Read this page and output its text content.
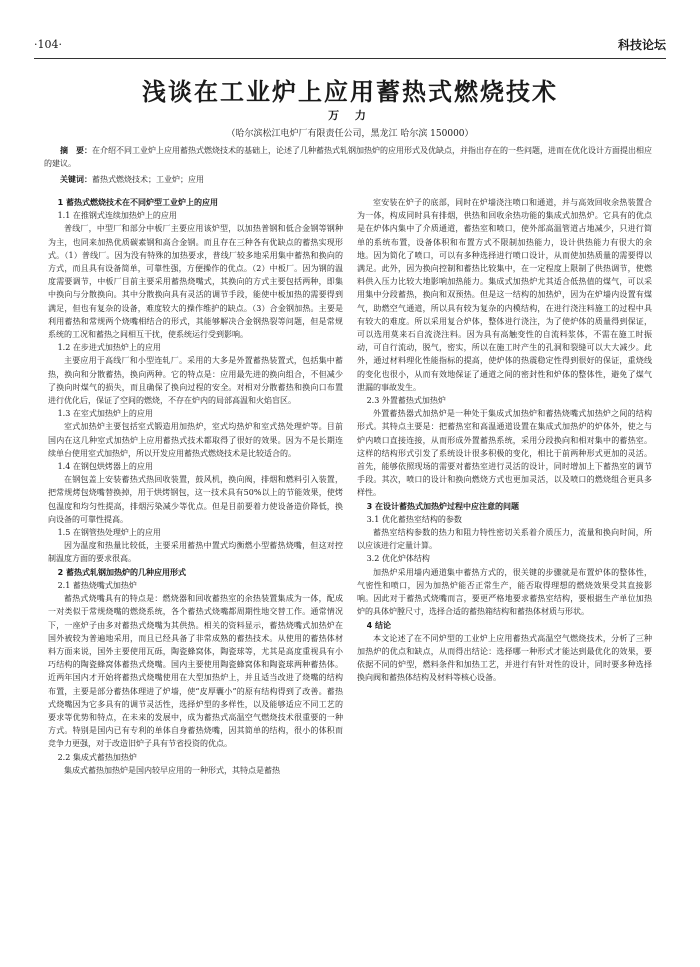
·104·	科技论坛
浅谈在工业炉上应用蓄热式燃烧技术
万 力
（哈尔滨松江电炉厂有限责任公司，黑龙江 哈尔滨 150000）
摘　要：在介绍不同工业炉上应用蓄热式燃烧技术的基础上，论述了几种蓄热式轧钢加热炉的应用形式及优缺点，并指出存在的一些问题，进而在优化设计方面提出相应的建议。
关键词：蓄热式燃烧技术；工业炉；应用
1 蓄热式燃烧技术在不同炉型工业炉上的应用
1.1 在推钢式连续加热炉上的应用
普线厂，中型厂和部分中板厂主要应用该炉型，以加热普钢和低合金钢等钢种为主，也同来加热优质碳素钢和高合金钢。而且存在三种各有优缺点的蓄热实现形式。（1）普线厂。因为没有特殊的加热要求，普线厂较多地采用集中蓄热和换向的方式，而且具有设备简单，可靠性强，方便操作的优点。（2）中板厂。因为钢的温度需要调节，中板厂目前主要采用蓄热烧嘴式，其换向的方式主要包括两种，即集中换向与分散换向。其中分散换向具有灵活的调节手段，能使中板加热的需要得到满足，但也有复杂的设备，难度较大的操作维护的缺点。（3）合金钢加热。主要是利用蓄热和常规两个烧嘴相结合的形式，其能够解决合金钢热裂等问题，但是常规系统的工况和蓄热之间相互干扰，使系统运行受到影响。
1.2 在步进式加热炉上的应用
主要应用于高线厂和小型连轧厂。采用的大多是外置蓄热装置式，包括集中蓄热，换向和分散蓄热，换向两种。它的特点是：应用最先进的换向组合，不但减少了换向时煤气的损失，而且确保了换向过程的安全。对相对分散蓄热和换向口布置进行优化后，保证了空间的燃烧，不存在炉内的局部高温和火焰盲区。
1.3 在室式加热炉上的应用
室式加热炉主要包括室式锻造用加热炉，室式均热炉和室式热处理炉等。目前国内在这几种室式加热炉上应用蓄热式技术都取得了很好的效果。因为不是长期连续单台使用室式加热炉，所以开发应用蓄热式燃烧技术是比较适合的。
1.4 在钢包烘烤器上的应用
在钢包盖上安装蓄热式热回收装置，鼓风机，换向阀，排烟和燃料引入装置，把常规烤包烧嘴替换掉，用于烘烤钢包，这一技术具有50%以上的节能效果，使烤包温度和均匀性提高，排烟污染减少等优点。但是目前要着力使设备造价降低，换向设备的可靠性提高。
1.5 在钢管热处理炉上的应用
因为温度和热量比较低，主要采用蓄热中置式均衡燃小型蓄热烧嘴，但这对控制温度方面的要求很高。
2 蓄热式轧钢加热炉的几种应用形式
2.1 蓄热烧嘴式加热炉
蓄热式烧嘴具有的特点是：燃烧器和回收蓄热室的余热装置集成为一体，配成一对类似于常规烧嘴的燃烧系统，各个蓄热式烧嘴都周期性地交替工作。通常情况下，一座炉子由多对蓄热式烧嘴为其供热。相关的资料显示，蓄热烧嘴式加热炉在国外被较为普遍地采用，而且已经具备了非常成熟的蓄热技术。从使用的蓄热体材料方面来说，国外主要使用瓦砾，陶瓷蜂窝体，陶瓷球等，尤其是高度重视具有小巧结构的陶瓷蜂窝体蓄热式烧嘴。国内主要使用陶瓷蜂窝体和陶瓷球两种蓄热体。近两年国内才开始将蓄热式烧嘴使用在大型加热炉上，并且适当改进了烧嘴的结构布置，主要是部分蓄热体理进了炉墙，使“皮厚囊小”的原有结构得到了改善。蓄热式烧嘴因为它多具有的调节灵活性，选择炉型的多样性，以及能够适应不同工艺的要求等优势和特点，在未来的发展中，成为蓄热式高温空气燃烧技术很重要的一种方式。特别是国内已有专利的单体自身蓄热烧嘴，因其简单的结构，很小的体积而竞争力更强，对于改造旧炉子具有节省投资的优点。
2.2 集成式蓄热加热炉
集成式蓄热加热炉是国内较早应用的一种形式，其特点是蓄热
室安装在炉子的底部，同时在炉墙浇注喷口和通道，并与高效回收余热装置合为一体，构成同时具有排烟，供热和回收余热功能的集成式加热炉。它具有的优点是在炉体内集中了介质通道，蓄热室和喷口，使外部高温管道占地减少，只进行简单的系统布置，设备体积和布置方式不限制加热能力，设计供热能力有很大的余地。因为简化了喷口，可以有多种选择进行喷口设计，从而使加热质量的需要得以满足。此外，因为换向控制和蓄热比较集中，在一定程度上限制了供热调节，使燃料供入压力比较大地影响加热能力。集成式加热炉尤其适合低热值的煤气，可以采用集中分段蓄热，换向和双预热。但是这一结构的加热炉，因为在炉墙内设置有煤气，助燃空气通道，所以具有较为复杂的内模结构，在进行浇注料施工的过程中具有较大的难度。所以采用复合炉体，整体进行浇注，为了使炉体的质量得到保证，可以选用莫来石自流浇注料。因为具有高触变性的自流料浆体，不需在施工时振动，可自行流动，脱气，密实，所以在施工时产生的孔洞和裂缝可以大大减少。此外，通过材料理化性能指标的提高，使炉体的热震稳定性得到很好的保证，重烧线的变化也很小，从而有效地保证了通道之间的密封性和炉体的整体性，避免了煤气泄漏的事故发生。
2.3 外置蓄热式加热炉
外置蓄热器式加热炉是一种处于集成式加热炉和蓄热烧嘴式加热炉之间的结构形式。其特点主要是：把蓄热室和高温通道设置在集成式加热炉的炉体外，使之与炉内喷口直接连接，从而形成外置蓄热系统，采用分段换向和相对集中的蓄热室。这样的结构形式引发了系统设计很多积极的变化，相比于前两种形式更加的灵活。首先，能够依照现场的需要对蓄热室进行灵活的设计，同时增加上下蓄热室的调节手段。其次，喷口的设计和换向燃烧方式也更加灵活，以及喷口的燃烧组合更具多样性。
3 在设计蓄热式加热炉过程中应注意的问题
3.1 优化蓄热室结构的参数
蓄热室结构参数的热力和阻力特性密切关系着介质压力，流量和换向时间，所以应该进行定量计算。
3.2 优化炉体结构
加热炉采用墙内通道集中蓄热方式的，很关键的步骤就是布置炉体的整体性，气密性和喷口，因为加热炉能否正常生产，能否取得理想的燃烧效果受其直接影响。因此对于蓄热式烧嘴而言，要更严格地要求蓄热室结构，要根据生产单位加热炉的具体炉膛尺寸，选择合适的蓄热箱结构和蓄热体材质与形状。
4 结论
本文论述了在不同炉型的工业炉上应用蓄热式高温空气燃烧技术，分析了三种加热炉的优点和缺点，从而得出结论：选择哪一种形式才能达到最优化的效果，要依据不同的炉型，燃料条件和加热工艺，并进行有针对性的设计，同时要多种选择换向阀和蓄热体结构及材料等核心设备。
